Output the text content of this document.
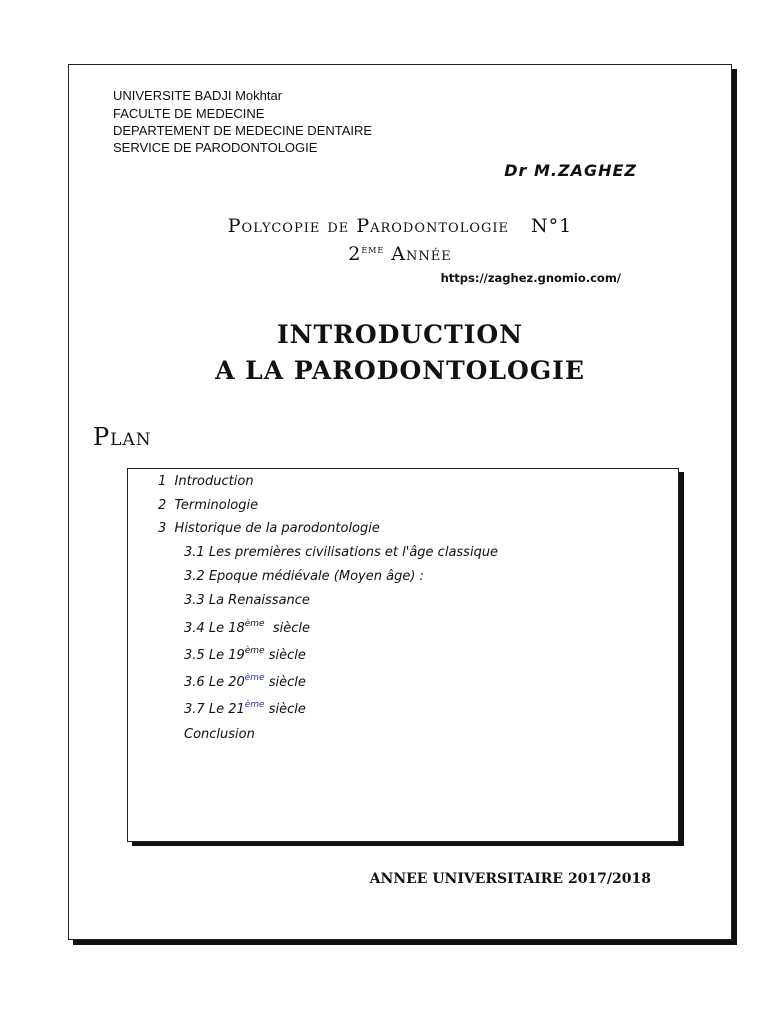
UNIVERSITE BADJI Mokhtar
FACULTE DE MEDECINE
DEPARTEMENT DE MEDECINE DENTAIRE
SERVICE DE PARODONTOLOGIE
Dr M.ZAGHEZ
Polycopie de Parodontologie N°1
2ème Année
https://zaghez.gnomio.com/
INTRODUCTION
A LA PARODONTOLOGIE
Plan
1 Introduction
2 Terminologie
3 Historique de la parodontologie
3.1 Les premières civilisations et l'âge classique
3.2 Epoque médiévale (Moyen âge) :
3.3 La Renaissance
3.4 Le 18ème siècle
3.5 Le 19ème siècle
3.6 Le 20ème siècle
3.7 Le 21ème siècle
Conclusion
ANNEE UNIVERSITAIRE 2017/2018
